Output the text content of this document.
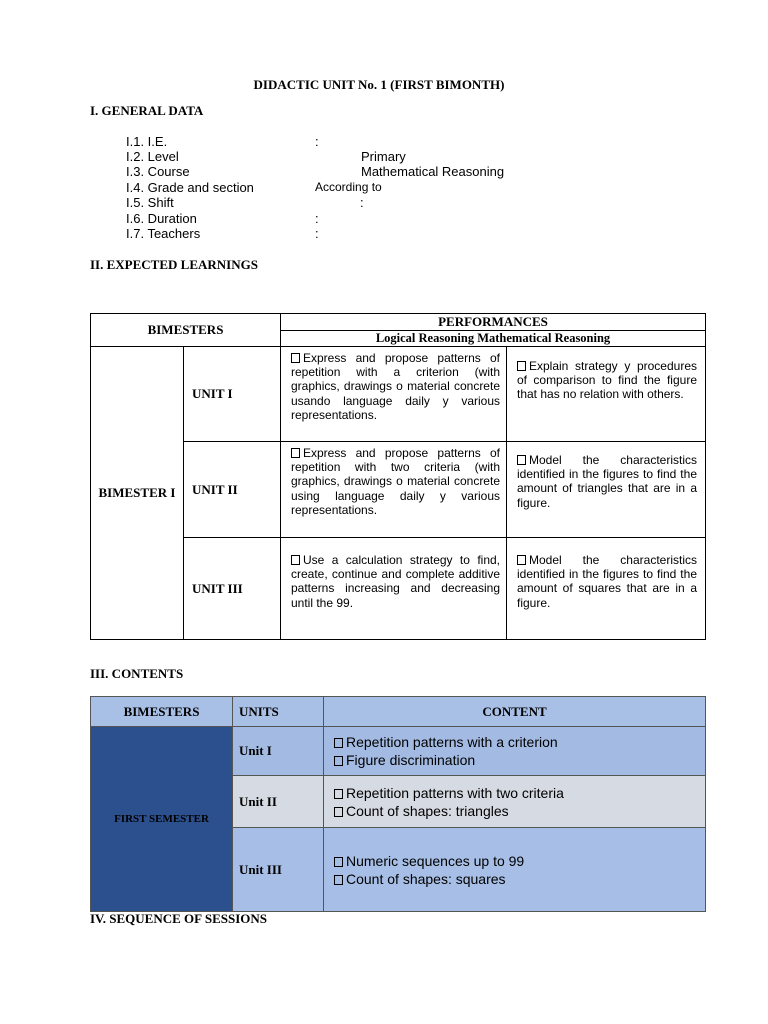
DIDACTIC UNIT No. 1 (FIRST BIMONTH)
I. GENERAL DATA
I.1. I.E.	:
I.2. Level	Primary
I.3. Course	Mathematical Reasoning
I.4. Grade and section	According to
I.5. Shift	:
I.6. Duration	:
I.7. Teachers	:
II. EXPECTED LEARNINGS
BIMESTERS		PERFORMANCES	
		Logical Reasoning Mathematical Reasoning	

BIMESTER I	UNIT I	Express and propose patterns of repetition with a criterion (with graphics, drawings o material concrete usando language daily y various representations.	Explain strategy y procedures of comparison to find the figure that has no relation with others.

	UNIT II	Express and propose patterns of repetition with two criteria (with graphics, drawings o material concrete using language daily y various representations.	Model the characteristics identified in the figures to find the amount of triangles that are in a figure.

	UNIT III	Use a calculation strategy to find, create, continue and complete additive patterns increasing and decreasing until the 99.	Model the characteristics identified in the figures to find the amount of squares that are in a figure.
III. CONTENTS
BIMESTERS	UNITS	CONTENT
FIRST SEMESTER	Unit I	Repetition patterns with a criterion
Figure discrimination

	Unit II	Repetition patterns with two criteria
Count of shapes: triangles

	Unit III	Numeric sequences up to 99
Count of shapes: squares
IV. SEQUENCE OF SESSIONS
